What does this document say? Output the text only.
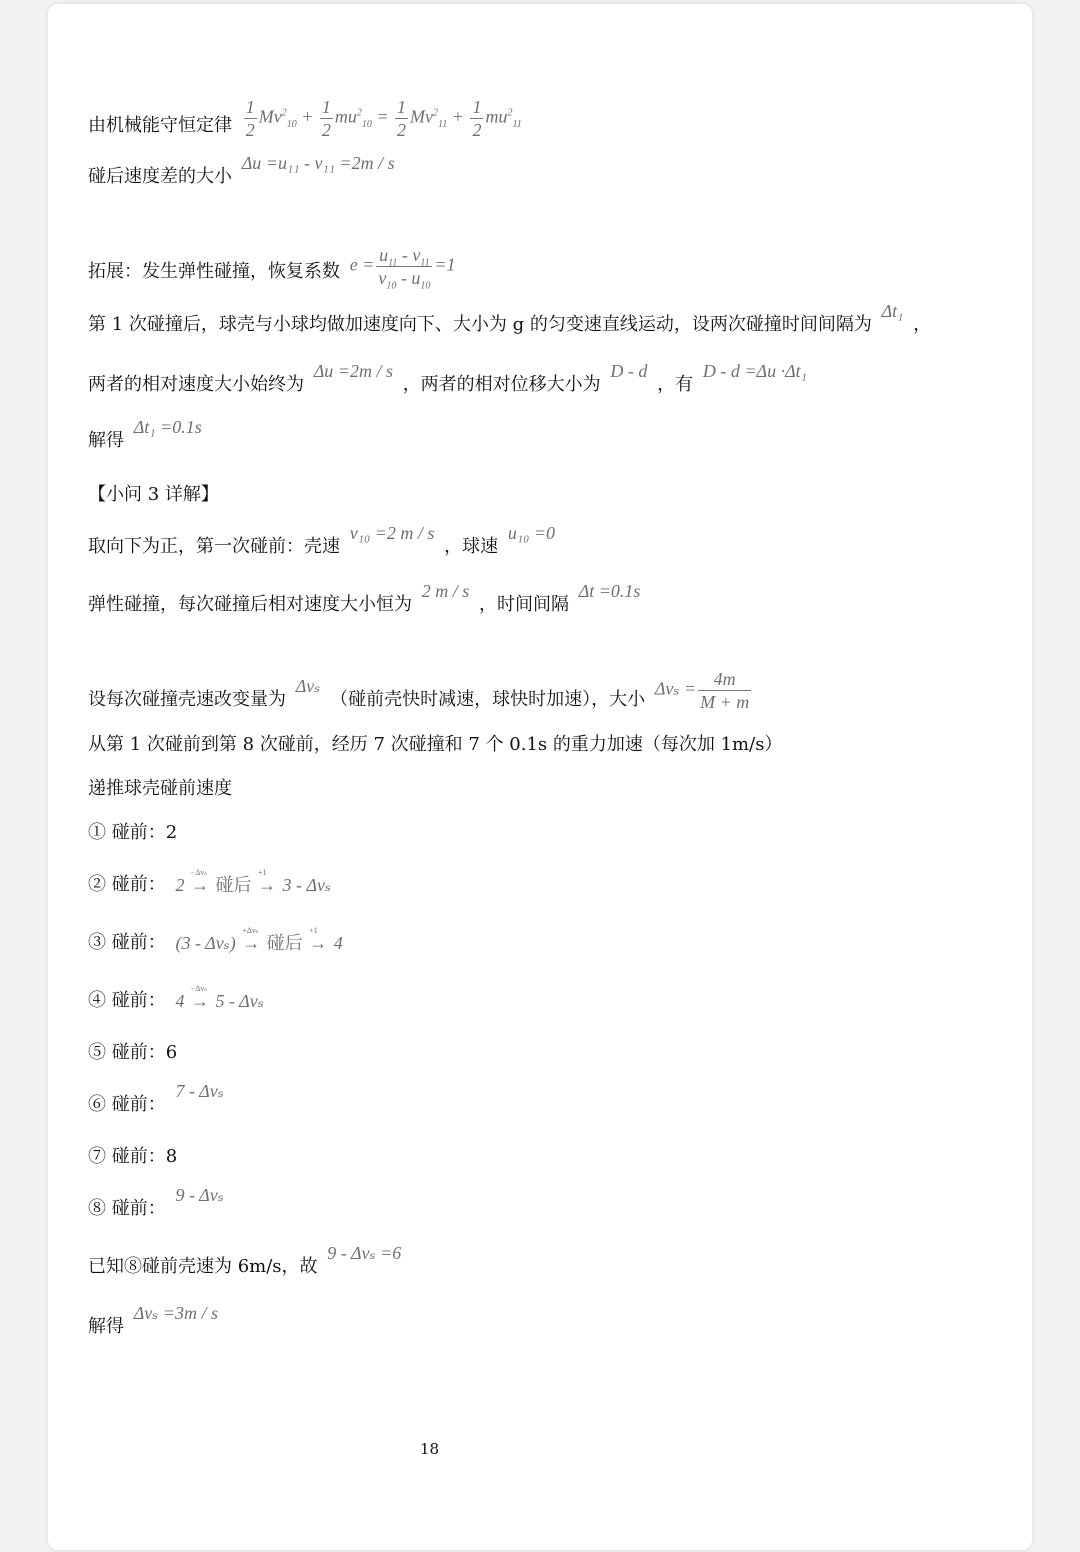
由机械能守恒定律 $\frac{1}{2} Mv^2_{10} + \frac{1}{2} mu^2_{10} = \frac{1}{2} Mv^2_{11} + \frac{1}{2} mu^2_{11}$
碰后速度差的大小 Δu =u₁₁ - v₁₁ =2m / s
拓展：发生弹性碰撞，恢复系数 $e = \frac{u_{11} - v_{11}}{v_{10} - u_{10}} =1$
第 1 次碰撞后，球壳与小球均做加速度向下、大小为 g 的匀变速直线运动，设两次碰撞时间间隔为 Δt₁ ，
两者的相对速度大小始终为 Δu =2m / s ，两者的相对位移大小为 D - d ，有 D - d =Δu ·Δt₁
解得 Δt₁ =0.1s
【小问 3 详解】
取向下为正，第一次碰前：壳速 v₁₀ =2 m / s ，球速 u₁₀ =0
弹性碰撞，每次碰撞后相对速度大小恒为 2 m / s ，时间间隔 Δt =0.1s
设每次碰撞壳速改变量为 Δvₛ （碰前壳快时减速，球快时加速），大小 $\Delta v_s = \frac{4m}{M + m}$
从第 1 次碰前到第 8 次碰前，经历 7 次碰撞和 7 个 0.1s 的重力加速（每次加 1m/s）
递推球壳碰前速度
① 碰前：2
② 碰前： 2 →
- Δvₛ
碰后 →
+1
3 - Δvₛ
③ 碰前： (3 - Δvₛ) →
+Δvₛ
碰后 →
+1
4
④ 碰前： 4 →
- Δvₛ
5 - Δvₛ
⑤ 碰前：6
⑥ 碰前： 7 - Δvₛ
⑦ 碰前：8
⑧ 碰前： 9 - Δvₛ
已知⑧碰前壳速为 6m/s，故 9 - Δvₛ =6
解得 Δvₛ =3m / s
18
